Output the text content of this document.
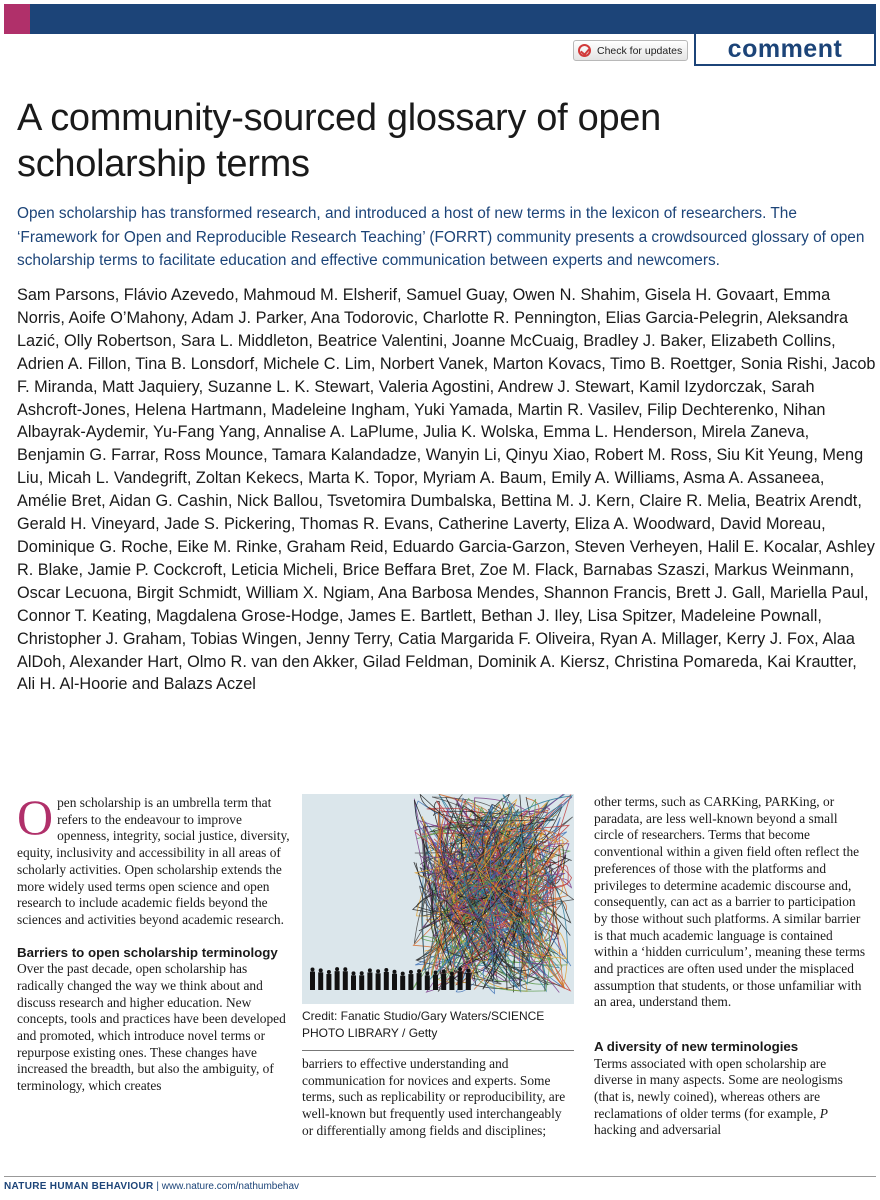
Check for updates	comment
A community-sourced glossary of open scholarship terms

Open scholarship has transformed research, and introduced a host of new terms in the lexicon of researchers. The ‘Framework for Open and Reproducible Research Teaching’ (FORRT) community presents a crowdsourced glossary of open scholarship terms to facilitate education and effective communication between experts and newcomers.

Sam Parsons, Flávio Azevedo, Mahmoud M. Elsherif, Samuel Guay, Owen N. Shahim, Gisela H. Govaart, Emma Norris, Aoife O’Mahony, Adam J. Parker, Ana Todorovic, Charlotte R. Pennington, Elias Garcia-Pelegrin, Aleksandra Lazić, Olly Robertson, Sara L. Middleton, Beatrice Valentini, Joanne McCuaig, Bradley J. Baker, Elizabeth Collins, Adrien A. Fillon, Tina B. Lonsdorf, Michele C. Lim, Norbert Vanek, Marton Kovacs, Timo B. Roettger, Sonia Rishi, Jacob F. Miranda, Matt Jaquiery, Suzanne L. K. Stewart, Valeria Agostini, Andrew J. Stewart, Kamil Izydorczak, Sarah Ashcroft-Jones, Helena Hartmann, Madeleine Ingham, Yuki Yamada, Martin R. Vasilev, Filip Dechterenko, Nihan Albayrak-Aydemir, Yu-Fang Yang, Annalise A. LaPlume, Julia K. Wolska, Emma L. Henderson, Mirela Zaneva, Benjamin G. Farrar, Ross Mounce, Tamara Kalandadze, Wanyin Li, Qinyu Xiao, Robert M. Ross, Siu Kit Yeung, Meng Liu, Micah L. Vandegrift, Zoltan Kekecs, Marta K. Topor, Myriam A. Baum, Emily A. Williams, Asma A. Assaneea, Amélie Bret, Aidan G. Cashin, Nick Ballou, Tsvetomira Dumbalska, Bettina M. J. Kern, Claire R. Melia, Beatrix Arendt, Gerald H. Vineyard, Jade S. Pickering, Thomas R. Evans, Catherine Laverty, Eliza A. Woodward, David Moreau, Dominique G. Roche, Eike M. Rinke, Graham Reid, Eduardo Garcia-Garzon, Steven Verheyen, Halil E. Kocalar, Ashley R. Blake, Jamie P. Cockcroft, Leticia Micheli, Brice Beffara Bret, Zoe M. Flack, Barnabas Szaszi, Markus Weinmann, Oscar Lecuona, Birgit Schmidt, William X. Ngiam, Ana Barbosa Mendes, Shannon Francis, Brett J. Gall, Mariella Paul, Connor T. Keating, Magdalena Grose-Hodge, James E. Bartlett, Bethan J. Iley, Lisa Spitzer, Madeleine Pownall, Christopher J. Graham, Tobias Wingen, Jenny Terry, Catia Margarida F. Oliveira, Ryan A. Millager, Kerry J. Fox, Alaa AlDoh, Alexander Hart, Olmo R. van den Akker, Gilad Feldman, Dominik A. Kiersz, Christina Pomareda, Kai Krautter, Ali H. Al-Hoorie and Balazs Aczel

Open scholarship is an umbrella term that refers to the endeavour to improve openness, integrity, social justice, diversity, equity, inclusivity and accessibility in all areas of scholarly activities. Open scholarship extends the more widely used terms open science and open research to include academic fields beyond the sciences and activities beyond academic research.

Barriers to open scholarship terminology

Over the past decade, open scholarship has radically changed the way we think about and discuss research and higher education. New concepts, tools and practices have been developed and promoted, which introduce novel terms or repurpose existing ones. These changes have increased the breadth, but also the ambiguity, of terminology, which creates

Credit: Fanatic Studio/Gary Waters/SCIENCE PHOTO LIBRARY / Getty

barriers to effective understanding and communication for novices and experts. Some terms, such as replicability or reproducibility, are well-known but frequently used interchangeably or differentially among fields and disciplines;

other terms, such as CARKing, PARKing, or paradata, are less well-known beyond a small circle of researchers. Terms that become conventional within a given field often reflect the preferences of those with the platforms and privileges to determine academic discourse and, consequently, can act as a barrier to participation by those without such platforms. A similar barrier is that much academic language is contained within a ‘hidden curriculum’, meaning these terms and practices are often used under the misplaced assumption that students, or those unfamiliar with an area, understand them.

A diversity of new terminologies

Terms associated with open scholarship are diverse in many aspects. Some are neologisms (that is, newly coined), whereas others are reclamations of older terms (for example, P hacking and adversarial

NATURE HUMAN BEHAVIOUR | www.nature.com/nathumbehav
